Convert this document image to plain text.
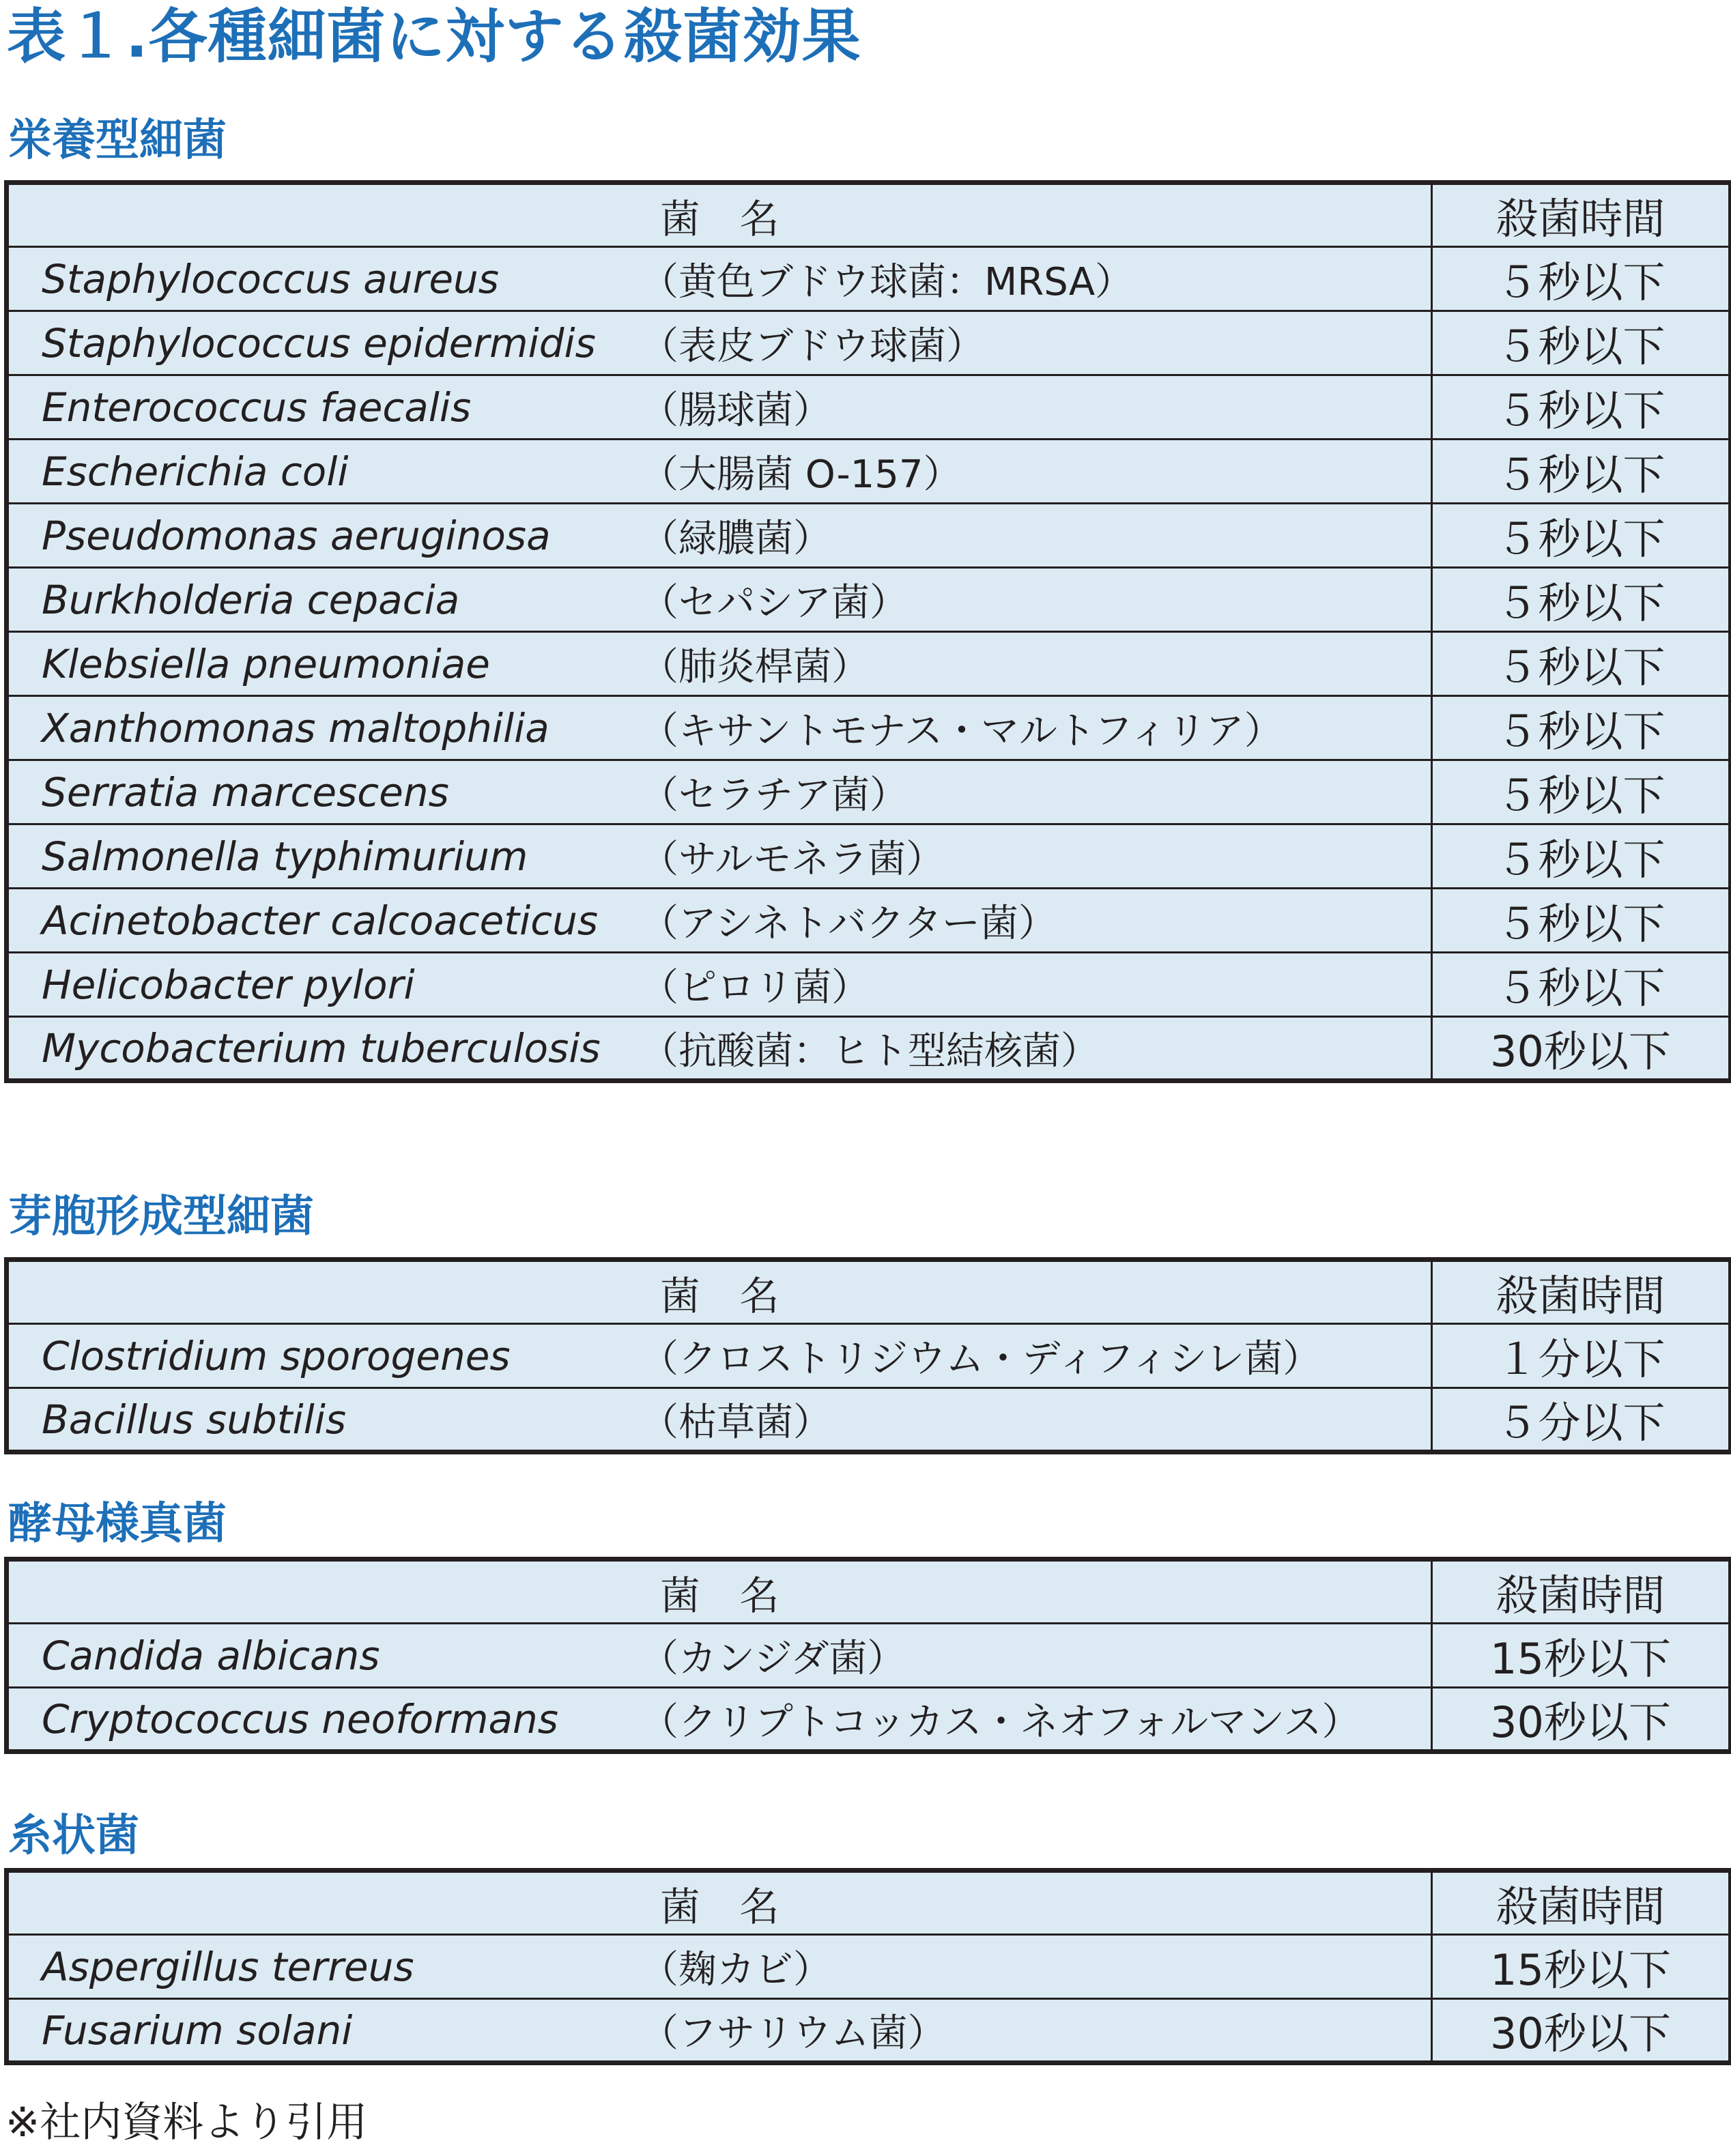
表１.各種細菌に対する殺菌効果
栄養型細菌
菌　名	殺菌時間

Staphylococcus aureus （黄色ブドウ球菌：MRSA）	５秒以下

Staphylococcus epidermidis （表皮ブドウ球菌）	５秒以下

Enterococcus faecalis （腸球菌）	５秒以下

Escherichia coli （大腸菌 O-157）	５秒以下

Pseudomonas aeruginosa （緑膿菌）	５秒以下

Burkholderia cepacia （セパシア菌）	５秒以下

Klebsiella pneumoniae （肺炎桿菌）	５秒以下

Xanthomonas maltophilia （キサントモナス・マルトフィリア）	５秒以下

Serratia marcescens （セラチア菌）	５秒以下

Salmonella typhimurium （サルモネラ菌）	５秒以下

Acinetobacter calcoaceticus （アシネトバクター菌）	５秒以下

Helicobacter pylori （ピロリ菌）	５秒以下

Mycobacterium tuberculosis （抗酸菌：ヒト型結核菌）	30秒以下
芽胞形成型細菌
菌　名	殺菌時間

Clostridium sporogenes （クロストリジウム・ディフィシレ菌）	１分以下

Bacillus subtilis （枯草菌）	５分以下
酵母様真菌
菌　名	殺菌時間

Candida albicans （カンジダ菌）	15秒以下

Cryptococcus neoformans （クリプトコッカス・ネオフォルマンス）	30秒以下
糸状菌
菌　名	殺菌時間

Aspergillus terreus （麹カビ）	15秒以下

Fusarium solani （フサリウム菌）	30秒以下
※社内資料より引用
